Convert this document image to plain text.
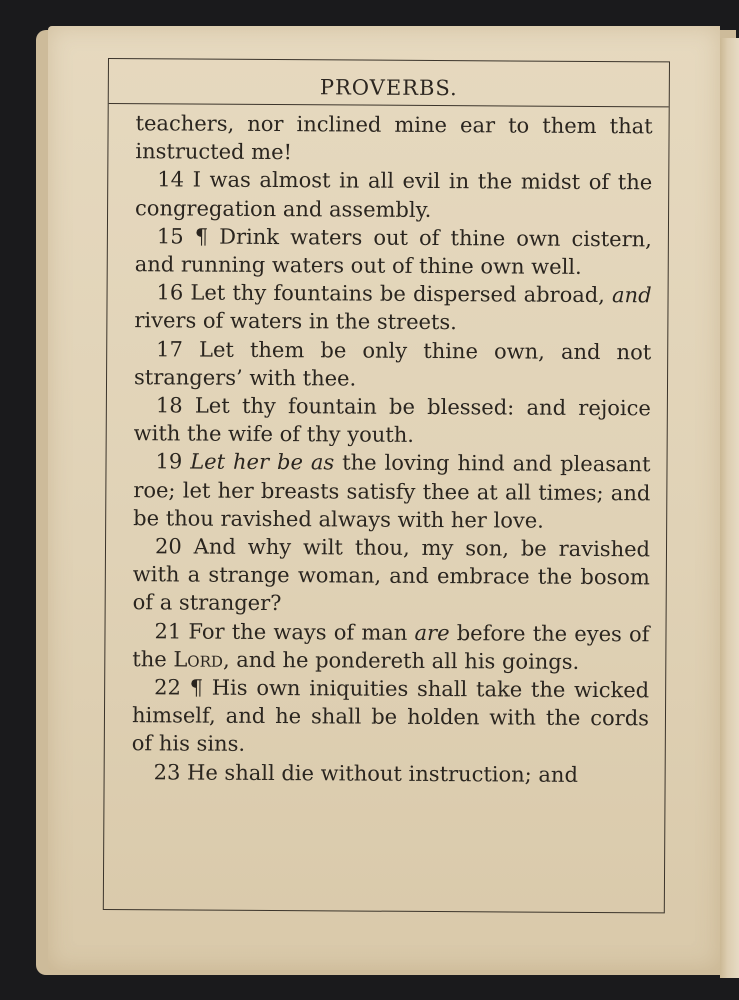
PROVERBS.

teachers, nor inclined mine ear to them that instructed me!

14 I was almost in all evil in the midst of the congregation and assembly.

15 ¶ Drink waters out of thine own cistern, and running waters out of thine own well.

16 Let thy fountains be dispersed abroad, and rivers of waters in the streets.

17 Let them be only thine own, and not strangers’ with thee.

18 Let thy fountain be blessed: and rejoice with the wife of thy youth.

19 Let her be as the loving hind and pleasant roe; let her breasts satisfy thee at all times; and be thou ravished always with her love.

20 And why wilt thou, my son, be ravished with a strange woman, and embrace the bosom of a stranger?

21 For the ways of man are before the eyes of the Lord, and he pondereth all his goings.

22 ¶ His own iniquities shall take the wicked himself, and he shall be holden with the cords of his sins.

23 He shall die without instruction; and
